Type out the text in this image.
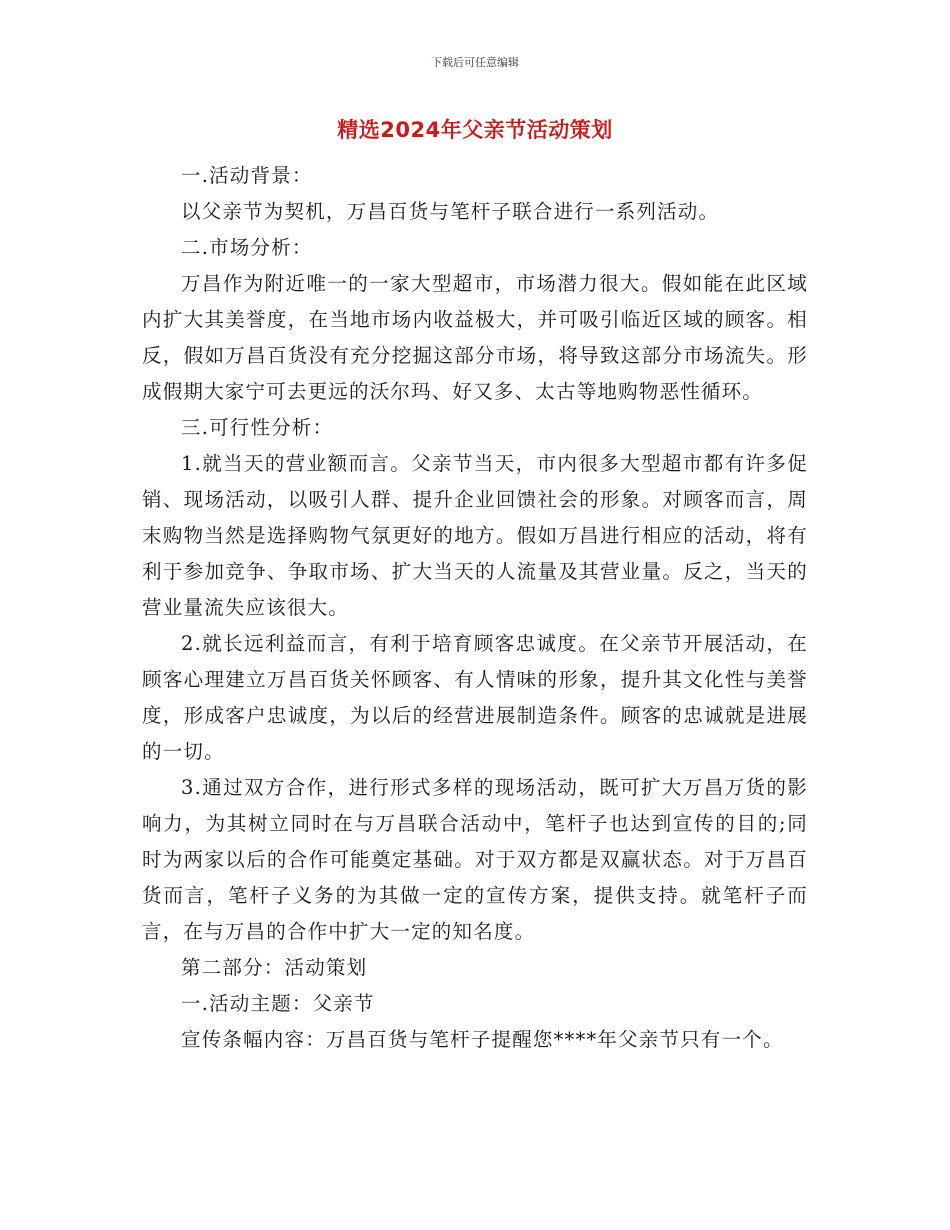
下载后可任意编辑
精选2024年父亲节活动策划

一.活动背景：

以父亲节为契机，万昌百货与笔杆子联合进行一系列活动。

二.市场分析：

万昌作为附近唯一的一家大型超市，市场潜力很大。假如能在此区域内扩大其美誉度，在当地市场内收益极大，并可吸引临近区域的顾客。相反，假如万昌百货没有充分挖掘这部分市场，将导致这部分市场流失。形成假期大家宁可去更远的沃尔玛、好又多、太古等地购物恶性循环。

三.可行性分析：

1.就当天的营业额而言。父亲节当天，市内很多大型超市都有许多促销、现场活动，以吸引人群、提升企业回馈社会的形象。对顾客而言，周末购物当然是选择购物气氛更好的地方。假如万昌进行相应的活动，将有利于参加竞争、争取市场、扩大当天的人流量及其营业量。反之，当天的营业量流失应该很大。

2.就长远利益而言，有利于培育顾客忠诚度。在父亲节开展活动，在顾客心理建立万昌百货关怀顾客、有人情味的形象，提升其文化性与美誉度，形成客户忠诚度，为以后的经营进展制造条件。顾客的忠诚就是进展的一切。

3.通过双方合作，进行形式多样的现场活动，既可扩大万昌万货的影响力，为其树立同时在与万昌联合活动中，笔杆子也达到宣传的目的;同时为两家以后的合作可能奠定基础。对于双方都是双赢状态。对于万昌百货而言，笔杆子义务的为其做一定的宣传方案，提供支持。就笔杆子而言，在与万昌的合作中扩大一定的知名度。

第二部分：活动策划

一.活动主题：父亲节

宣传条幅内容：万昌百货与笔杆子提醒您****年父亲节只有一个。
